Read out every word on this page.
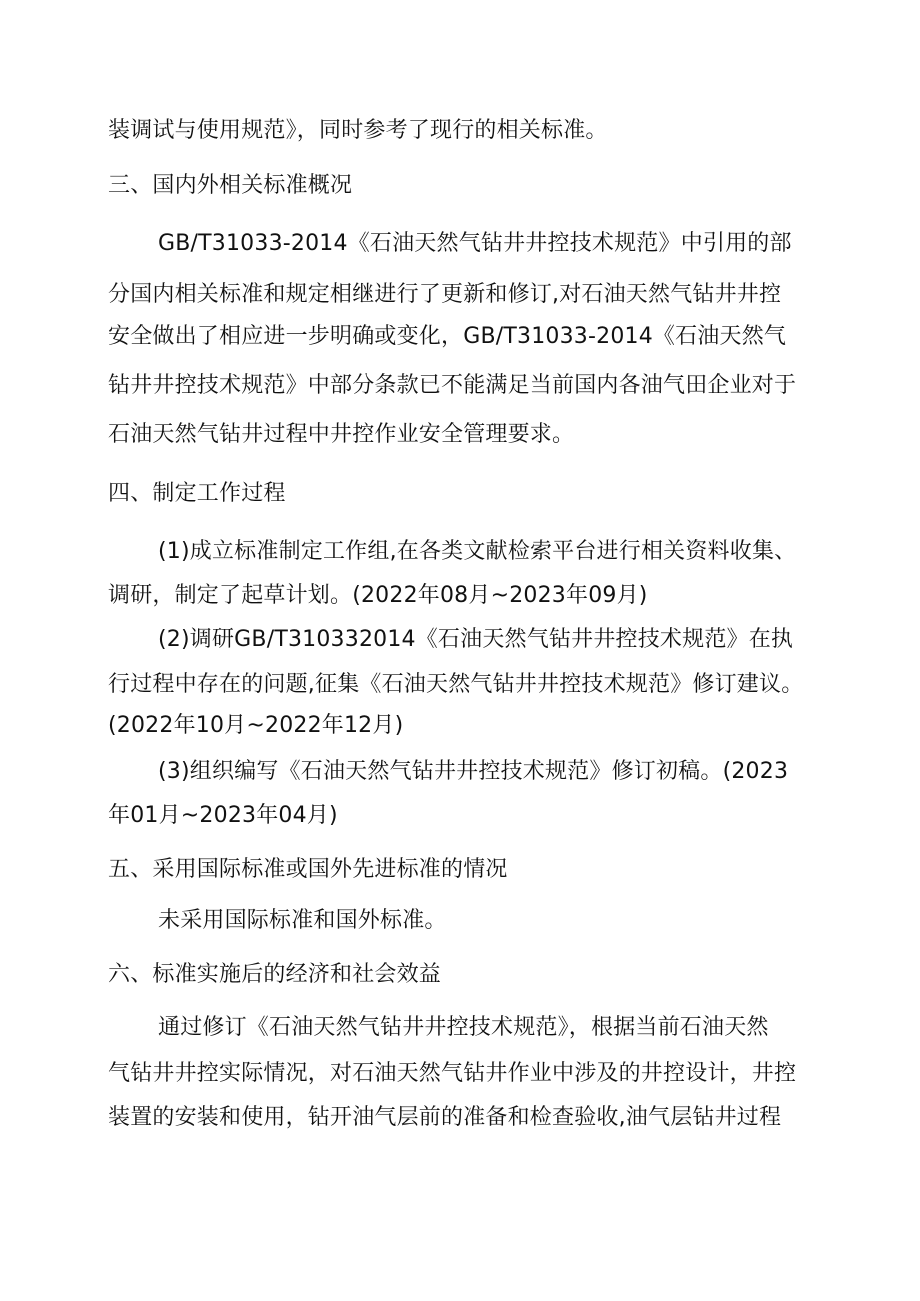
装调试与使用规范》，同时参考了现行的相关标准。
三、国内外相关标准概况
GB/T31033-2014《石油天然气钻井井控技术规范》中引用的部
分国内相关标准和规定相继进行了更新和修订,对石油天然气钻井井控
安全做出了相应进一步明确或变化，GB/T31033-2014《石油天然气
钻井井控技术规范》中部分条款已不能满足当前国内各油气田企业对于
石油天然气钻井过程中井控作业安全管理要求。
四、制定工作过程
(1)成立标准制定工作组,在各类文献检索平台进行相关资料收集、
调研，制定了起草计划。(2022年08月~2023年09月)
(2)调研GB/T310332014《石油天然气钻井井控技术规范》在执
行过程中存在的问题,征集《石油天然气钻井井控技术规范》修订建议。
(2022年10月~2022年12月)
(3)组织编写《石油天然气钻井井控技术规范》修订初稿。(2023
年01月~2023年04月)
五、采用国际标准或国外先进标准的情况
未采用国际标准和国外标准。
六、标准实施后的经济和社会效益
通过修订《石油天然气钻井井控技术规范》，根据当前石油天然
气钻井井控实际情况，对石油天然气钻井作业中涉及的井控设计，井控
装置的安装和使用，钻开油气层前的准备和检查验收,油气层钻井过程
